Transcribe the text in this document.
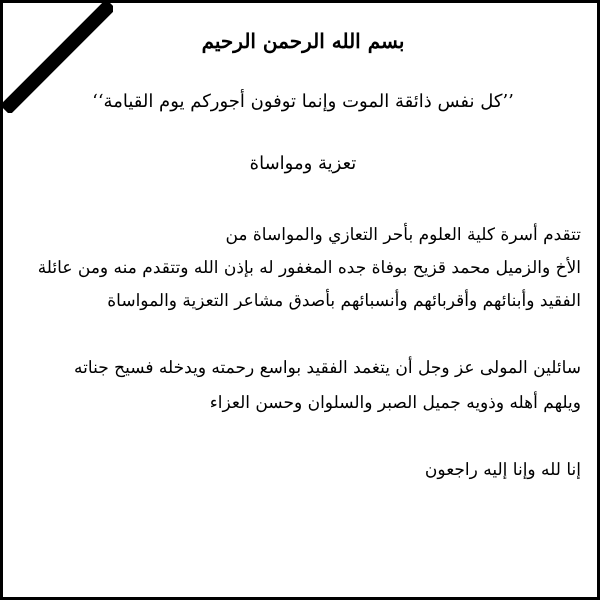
بسم الله الرحمن الرحيم

’’كل نفس ذائقة الموت وإنما توفون أجوركم يوم القيامة‘‘

تعزية ومواساة

تتقدم أسرة كلية العلوم بأحر التعازي والمواساة من

الأخ والزميل محمد قزيح بوفاة جده المغفور له بإذن الله وتتقدم منه ومن عائلة

الفقيد وأبنائهم وأقربائهم وأنسبائهم بأصدق مشاعر التعزية والمواساة

سائلين المولى عز وجل أن يتغمد الفقيد بواسع رحمته ويدخله فسيح جناته

ويلهم أهله وذويه جميل الصبر والسلوان وحسن العزاء

إنا لله وإنا إليه راجعون
